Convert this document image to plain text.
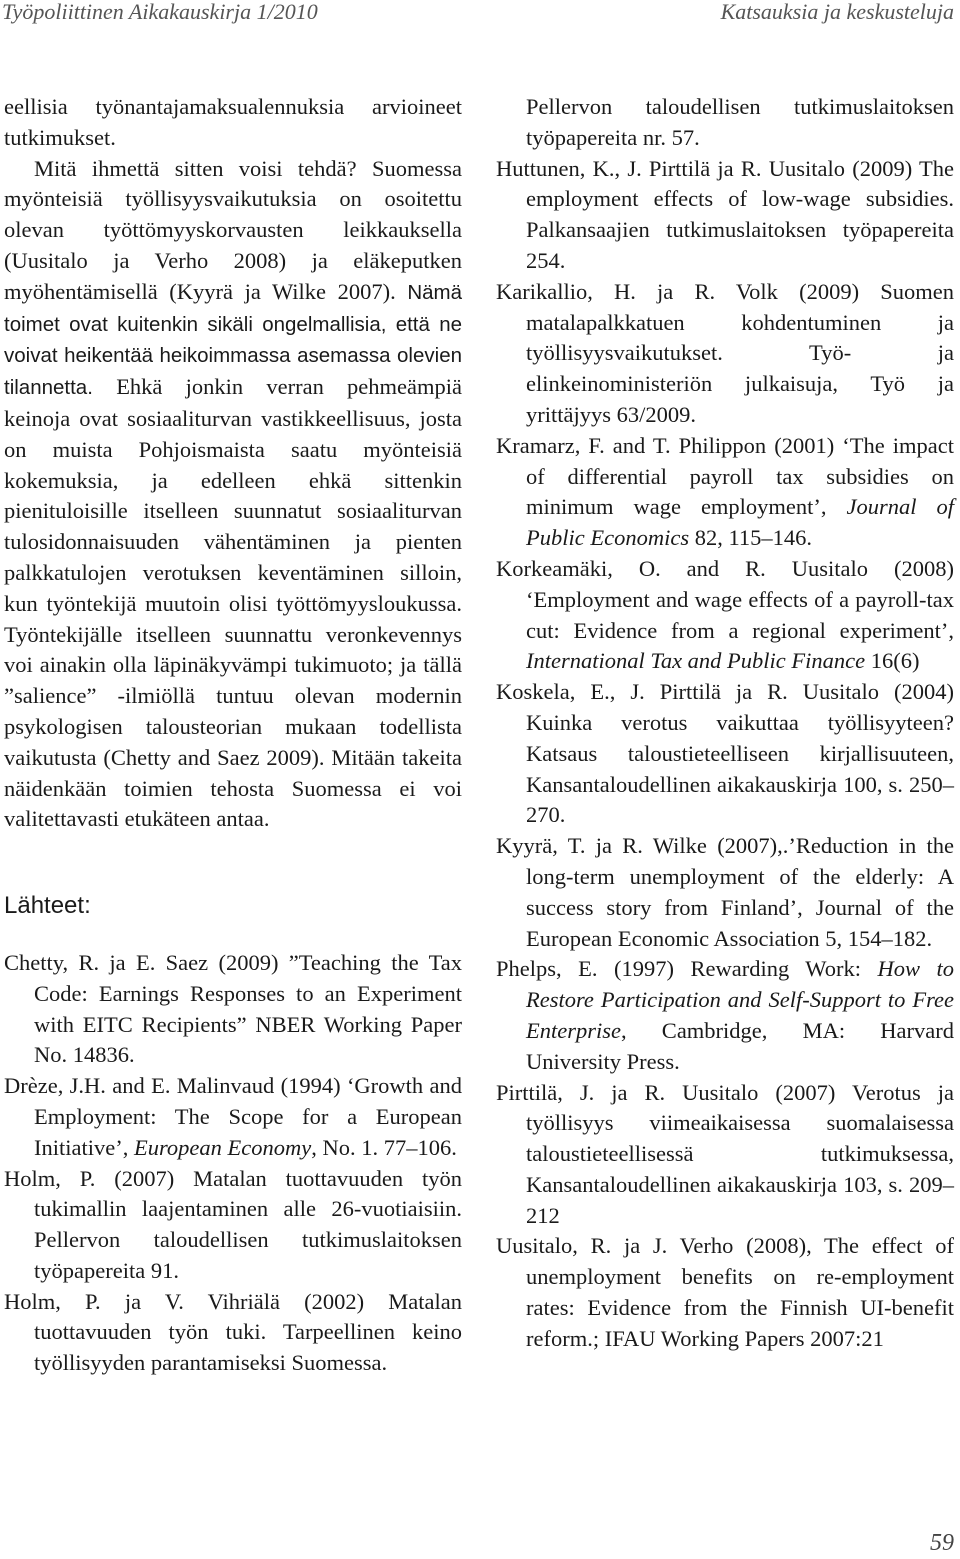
Työpoliittinen Aikakauskirja 1/2010	Katsauksia ja keskusteluja

eellisia työnantajamaksualennuksia arvioineet tutkimukset.

Mitä ihmettä sitten voisi tehdä? Suomessa myönteisiä työllisyysvaikutuksia on osoitettu olevan työttömyyskorvausten leikkauksella (Uusitalo ja Verho 2008) ja eläkeputken myöhentämisellä (Kyyrä ja Wilke 2007). Nämä toimet ovat kuitenkin sikäli ongelmallisia, että ne voivat heikentää heikoimmassa asemassa olevien tilannetta. Ehkä jonkin verran pehmeämpiä keinoja ovat sosiaaliturvan vastikkeellisuus, josta on muista Pohjoismaista saatu myönteisiä kokemuksia, ja edelleen ehkä sittenkin pienituloisille itselleen suunnatut sosiaaliturvan tulosidonnaisuuden vähentäminen ja pienten palkkatulojen verotuksen keventäminen silloin, kun työntekijä muutoin olisi työttömyysloukussa. Työntekijälle itselleen suunnattu veronkevennys voi ainakin olla läpinäkyvämpi tukimuoto; ja tällä ”salience” -ilmiöllä tuntuu olevan modernin psykologisen talousteorian mukaan todellista vaikutusta (Chetty and Saez 2009). Mitään takeita näidenkään toimien tehosta Suomessa ei voi valitettavasti etukäteen antaa.

Lähteet:

Chetty, R. ja E. Saez (2009) ”Teaching the Tax Code: Earnings Responses to an Experiment with EITC Recipients” NBER Working Paper No. 14836.

Drèze, J.H. and E. Malinvaud (1994) ‘Growth and Employment: The Scope for a European Initiative’, European Economy, No. 1. 77–106.

Holm, P. (2007) Matalan tuottavuuden työn tukimallin laajentaminen alle 26-vuotiaisiin. Pellervon taloudellisen tutkimuslaitoksen työpapereita 91.

Holm, P. ja V. Vihriälä (2002) Matalan tuottavuuden työn tuki. Tarpeellinen keino työllisyyden parantamiseksi Suomessa.

Pellervon taloudellisen tutkimuslaitoksen työpapereita nr. 57.

Huttunen, K., J. Pirttilä ja R. Uusitalo (2009) The employment effects of low-wage subsidies. Palkansaajien tutkimuslaitoksen työpapereita 254.

Karikallio, H. ja R. Volk (2009) Suomen matalapalkkatuen kohdentuminen ja työllisyysvaikutukset. Työ- ja elinkeinoministeriön julkaisuja, Työ ja yrittäjyys 63/2009.

Kramarz, F. and T. Philippon (2001) ‘The impact of differential payroll tax subsidies on minimum wage employment’, Journal of Public Economics 82, 115–146.

Korkeamäki, O. and R. Uusitalo (2008) ‘Employment and wage effects of a payroll-tax cut: Evidence from a regional experiment’, International Tax and Public Finance 16(6)

Koskela, E., J. Pirttilä ja R. Uusitalo (2004) Kuinka verotus vaikuttaa työllisyyteen? Katsaus taloustieteelliseen kirjallisuuteen, Kansantaloudellinen aikakauskirja 100, s. 250–270.

Kyyrä, T. ja R. Wilke (2007),.’Reduction in the long-term unemployment of the elderly: A success story from Finland’, Journal of the European Economic Association 5, 154–182.

Phelps, E. (1997) Rewarding Work: How to Restore Participation and Self-Support to Free Enterprise, Cambridge, MA: Harvard University Press.

Pirttilä, J. ja R. Uusitalo (2007) Verotus ja työllisyys viimeaikaisessa suomalaisessa taloustieteellisessä tutkimuksessa, Kansantaloudellinen aikakauskirja 103, s. 209–212

Uusitalo, R. ja J. Verho (2008), The effect of unemployment benefits on re-employment rates: Evidence from the Finnish UI-benefit reform.; IFAU Working Papers 2007:21

59
